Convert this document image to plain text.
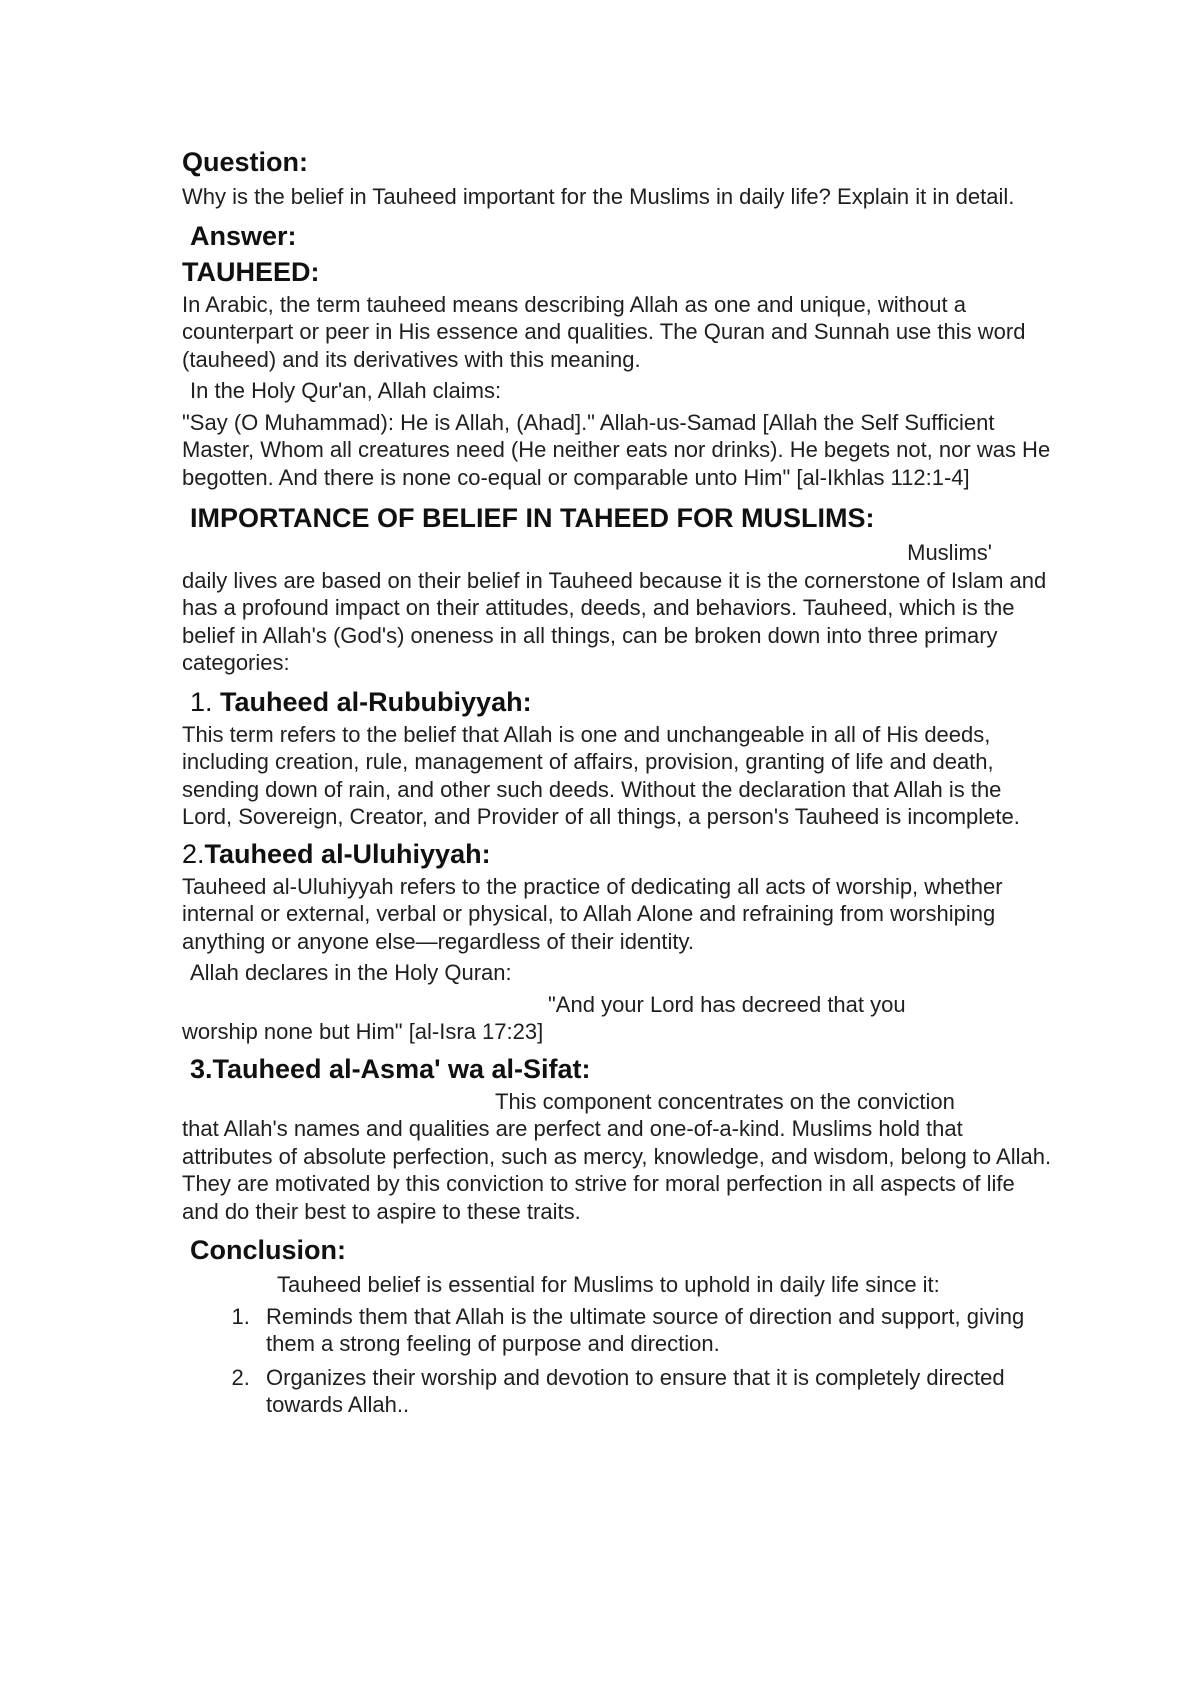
Question:
Why is the belief in Tauheed important for the Muslims in daily life? Explain it in detail.
Answer:
TAUHEED:
In Arabic, the term tauheed means describing Allah as one and unique, without a counterpart or peer in His essence and qualities. The Quran and Sunnah use this word (tauheed) and its derivatives with this meaning.
In the Holy Qur'an, Allah claims:
"Say (O Muhammad): He is Allah, (Ahad]." Allah-us-Samad [Allah the Self Sufficient Master, Whom all creatures need (He neither eats nor drinks). He begets not, nor was He begotten. And there is none co-equal or comparable unto Him" [al-Ikhlas 112:1-4]
IMPORTANCE OF BELIEF IN TAHEED FOR MUSLIMS:
Muslims'
daily lives are based on their belief in Tauheed because it is the cornerstone of Islam and has a profound impact on their attitudes, deeds, and behaviors. Tauheed, which is the belief in Allah's (God's) oneness in all things, can be broken down into three primary categories:
1. Tauheed al-Rububiyyah:
This term refers to the belief that Allah is one and unchangeable in all of His deeds, including creation, rule, management of affairs, provision, granting of life and death, sending down of rain, and other such deeds. Without the declaration that Allah is the Lord, Sovereign, Creator, and Provider of all things, a person's Tauheed is incomplete.
2.Tauheed al-Uluhiyyah:
Tauheed al-Uluhiyyah refers to the practice of dedicating all acts of worship, whether internal or external, verbal or physical, to Allah Alone and refraining from worshiping anything or anyone else—regardless of their identity.
Allah declares in the Holy Quran:
"And your Lord has decreed that you
worship none but Him" [al-Isra 17:23]
3.Tauheed al-Asma' wa al-Sifat:
This component concentrates on the conviction
that Allah's names and qualities are perfect and one-of-a-kind. Muslims hold that attributes of absolute perfection, such as mercy, knowledge, and wisdom, belong to Allah. They are motivated by this conviction to strive for moral perfection in all aspects of life and do their best to aspire to these traits.
Conclusion:
Tauheed belief is essential for Muslims to uphold in daily life since it:
1. Reminds them that Allah is the ultimate source of direction and support, giving them a strong feeling of purpose and direction.
2. Organizes their worship and devotion to ensure that it is completely directed towards Allah..
